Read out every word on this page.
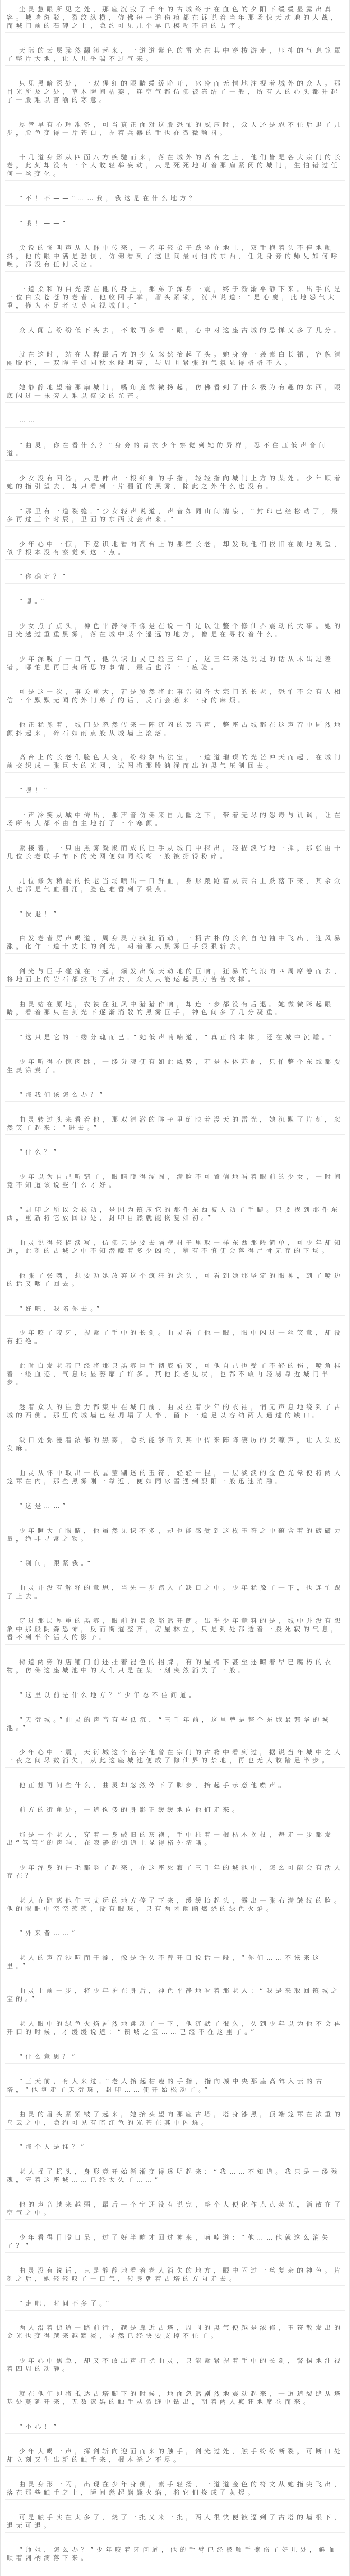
尘灵慧眼所见之处，那座沉寂了千年的古城终于在血色的夕阳下缓缓显露出真容。城墙斑驳，裂纹纵横，仿佛每一道伤痕都在诉说着当年那场惊天动地的大战，而城门前的石碑之上，隐约可见几个早已模糊不清的古字。

天际的云层骤然翻滚起来，一道道紫色的雷光在其中穿梭游走，压抑的气息笼罩了整片大地，让人几乎喘不过气来。

只见黑暗深处，一双猩红的眼睛缓缓睁开，冰冷而无情地注视着城外的众人。那目光所及之处，草木瞬间枯萎，连空气都仿佛被冻结了一般，所有人的心头都升起了一股难以言喻的寒意。

尽管早有心理准备，可当真正面对这股恐怖的威压时，众人还是忍不住后退了几步，脸色变得一片苍白，握着兵器的手也在微微颤抖。

十几道身影从四面八方疾驰而来，落在城外的高台之上，他们皆是各大宗门的长老，此刻却没有一个人敢轻举妄动，只是死死地盯着那扇紧闭的城门，生怕错过任何一丝变化。

“不！不——”……我，我这是在什么地方？

“哦！——”

尖锐的惨叫声从人群中传来，一名年轻弟子跌坐在地上，双手抱着头不停地颤抖，他的眼中满是恐惧，仿佛看到了这世间最可怕的东西，任凭身旁的师兄如何呼唤，都没有任何反应。

一道柔和的白光落在他的身上，那弟子浑身一震，终于渐渐平静下来。出手的是一位白发苍苍的老者，他收回手掌，眉头紧锁，沉声说道：“是心魔，此地怨气太重，修为不足者切莫直视城门。”

众人闻言纷纷低下头去，不敢再多看一眼，心中对这座古城的忌惮又多了几分。

就在这时，站在人群最后方的少女忽然抬起了头。她身穿一袭素白长裙，容貌清丽脱俗，一双眸子如同秋水般明亮，与周围紧张的气氛显得格格不入。

她静静地望着那扇城门，嘴角竟微微扬起，仿佛看到了什么极为有趣的东西，眼底闪过一抹旁人难以察觉的光芒。

……

“曲灵，你在看什么？”身旁的青衣少年察觉到她的异样，忍不住压低声音问道。

少女没有回答，只是伸出一根纤细的手指，轻轻指向城门上方的某处。少年顺着她的指引望去，却只看到一片翻涌的黑雾，除此之外什么也没有。

“那里有一道裂缝。”少女轻声说道，声音如同山间清泉，“封印已经松动了，最多再过三个时辰，里面的东西就会出来。”

少年心中一惊，下意识地看向高台上的那些长老，却发现他们依旧在原地观望，似乎根本没有察觉到这一点。

“你确定？”

“嗯。”

少女点了点头，神色平静得不像是在说一件足以让整个修仙界震动的大事。她的目光越过重重黑雾，落在城中某个遥远的地方，像是在寻找着什么。

少年深吸了一口气，他认识曲灵已经三年了，这三年来她说过的话从未出过差错，哪怕是再匪夷所思的事情，最后也都一一应验。

可是这一次，事关重大，若是贸然将此事告知各大宗门的长老，恐怕不会有人相信一个默默无闻的外门弟子的话，反而会惹来一身的麻烦。

他正犹豫着，城门处忽然传来一阵沉闷的轰鸣声，整座古城都在这声音中剧烈地颤抖起来，碎石如雨点般从城墙上滚落。

高台上的长老们脸色大变，纷纷祭出法宝，一道道璀璨的光芒冲天而起，在城门前交织成一张巨大的光网，试图将那股汹涌而出的黑气压制回去。

“嘿！”

一声冷笑从城中传出，那声音仿佛来自九幽之下，带着无尽的怨毒与讥讽，让在场所有人都不由自主地打了一个寒颤。

紧接着，一只由黑雾凝聚而成的巨手从城门中探出，轻描淡写地一挥，那张由十几位长老联手布下的光网便如同纸糊一般被撕得粉碎。

几位修为稍弱的长老当场喷出一口鲜血，身形踉跄着从高台上跌落下来，其余众人也都是气血翻涌，脸色难看到了极点。

“快退！”

白发老者厉声喝道，周身灵力疯狂涌动，一柄古朴的长剑自他袖中飞出，迎风暴涨，化作一道十丈长的剑光，朝着那只黑雾巨手狠狠斩去。

剑光与巨手碰撞在一起，爆发出惊天动地的巨响，狂暴的气浪向四周席卷而去，将地面上的岩石都掀飞了出去，众人只能运起灵力苦苦支撑。

曲灵站在原地，衣袂在狂风中猎猎作响，却连一步都没有后退。她微微眯起眼睛，看着那只在剑光下逐渐消散的黑雾巨手，神色间多了几分凝重。

“这只是它的一缕分魂而已。”她低声喃喃道，“真正的本体，还在城中沉睡。”

少年听得心惊肉跳，一缕分魂便有如此威势，若是本体苏醒，只怕整个东域都要生灵涂炭了。

“那我们该怎么办？”

曲灵转过头来看着他，那双清澈的眸子里倒映着漫天的雷光，她沉默了片刻，忽然笑了起来：“进去。”

“什么？”

少年以为自己听错了，眼睛瞪得溜圆，满脸不可置信地看着眼前的少女，一时间竟不知道该说些什么才好。

“封印之所以会松动，是因为镇压它的那件东西被人动了手脚。只要找到那件东西，重新将它放回原处，封印自然就能恢复如初。”

曲灵说得轻描淡写，仿佛只是要去隔壁村子里取一样东西那般简单，可少年却知道，此刻的古城之中不知潜藏着多少凶险，稍有不慎便会落得尸骨无存的下场。

他张了张嘴，想要劝她放弃这个疯狂的念头，可看到她那坚定的眼神，到了嘴边的话又咽了回去。

“好吧，我陪你去。”

少年咬了咬牙，握紧了手中的长剑。曲灵看了他一眼，眼中闪过一丝笑意，却没有拒绝。

此时白发老者已经将那只黑雾巨手彻底斩灭，可他自己也受了不轻的伤，嘴角挂着一缕血迹，气息明显萎靡了许多。其他长老见状，也都不敢再轻易靠近城门半步。

趁着众人的注意力都集中在城门前，曲灵拉着少年的衣袖，悄无声息地绕到了古城的西侧。那里的城墙已经坍塌了大半，留下一道足以容纳两人通过的缺口。

缺口处弥漫着浓郁的黑雾，隐约能够听到其中传来阵阵凄厉的哭嚎声，让人头皮发麻。

曲灵从怀中取出一枚晶莹剔透的玉符，轻轻一捏，一层淡淡的金色光晕便将两人笼罩在内，那些黑雾刚一靠近，便如同冰雪遇到烈阳一般迅速消融。

“这是……”

少年瞪大了眼睛，他虽然见识不多，却也能感受到这枚玉符之中蕴含着的磅礴力量，绝非寻常之物。

“别问，跟紧我。”

曲灵并没有解释的意思，当先一步踏入了缺口之中。少年犹豫了一下，也连忙跟了上去。

穿过那层厚重的黑雾，眼前的景象豁然开朗。出乎少年意料的是，城中并没有想象中那般阴森恐怖，反而街道整齐，房屋林立，只是到处都透着一股死寂的气息，看不到半个活人的影子。

街道两旁的店铺门前还挂着褪色的招牌，有的屋檐下甚至还晾着早已腐朽的衣物，仿佛这座城池中的人们只是在某一刻突然消失了一般。

“这里以前是什么地方？”少年忍不住问道。

“天衍城。”曲灵的声音有些低沉，“三千年前，这里曾是整个东域最繁华的城池。”

少年心中一震，天衍城这个名字他曾在宗门的古籍中看到过，据说当年城中之人一夜之间尽数消失，从此这座城池便成了修仙界的禁地，再也无人敢踏足半步。

他正想再问些什么，曲灵却忽然停下了脚步，抬起手示意他噤声。

前方的街角处，一道佝偻的身影正缓缓地向他们走来。

那是一个老人，穿着一身破旧的灰袍，手中拄着一根枯木拐杖，每走一步都发出“笃笃”的声响，在寂静的街道上显得格外清晰。

少年浑身的汗毛都竖了起来，在这座死寂了三千年的城池中，怎么可能会有活人存在？

老人在距离他们三丈远的地方停了下来，缓缓抬起头，露出一张布满皱纹的脸。他的眼眶中空空荡荡，没有眼珠，只有两团幽幽燃烧的绿色火焰。

“外来者……”

老人的声音沙哑而干涩，像是许久不曾开口说话一般，“你们……不该来这里。”

曲灵上前一步，将少年护在身后，神色平静地看着那老人：“我是来取回镇城之宝的。”

老人眼中的绿色火焰剧烈地跳动了一下，他沉默了很久，久到少年以为他不会再开口的时候，才缓缓说道：“镇城之宝……已经不在这里了。”

“什么意思？”

“三天前，有人来过。”老人抬起枯瘦的手指，指向城中央那座高耸入云的古塔，“他拿走了天衍珠，封印……便开始松动了。”

曲灵的眉头紧紧皱了起来，她抬头望向那座古塔，塔身漆黑，顶端笼罩在浓重的乌云之中，隐约可见有暗红色的光芒在其中闪烁。

“那个人是谁？”

老人摇了摇头，身形竟开始渐渐变得透明起来：“我……不知道。我只是一缕残魂，守着这座城……已经太久了……”

他的声音越来越弱，最后一个字还没有说完，整个人便化作点点荧光，消散在了空气之中。

少年看得目瞪口呆，过了好半晌才回过神来，喃喃道：“他……他就这么消失了？”

曲灵没有说话，只是静静地看着老人消失的地方，眼中闪过一丝复杂的神色。片刻之后，她轻轻叹了一口气，转身朝着古塔的方向走去。

“走吧，时间不多了。”

两人沿着街道一路前行，越是靠近古塔，周围的黑气便越是浓郁，玉符散发出的金光也变得越来越黯淡，显然已经快要支撑不住了。

少年心中焦急，却又不敢出声打扰曲灵，只能紧紧握着手中的长剑，警惕地注视着四周的动静。

就在他们即将抵达古塔脚下的时候，地面忽然剧烈地震动起来，一道道裂缝从塔基处蔓延开来，无数漆黑的触手从裂缝中钻出，朝着两人疯狂地席卷而来。

“小心！”

少年大喝一声，挥剑斩向迎面而来的触手，剑光过处，触手纷纷断裂，可断口处却立刻又生出新的触手来，根本杀之不尽。

曲灵身形一闪，出现在少年身侧，素手轻扬，一道道金色的符文从她指尖飞出，落在那些触手之上，瞬间燃起熊熊火焰，将它们烧成了灰烬。

可是触手实在太多了，烧了一批又来一批，两人很快便被逼到了古塔的墙根下，退无可退。

“师姐，怎么办？”少年咬着牙问道，他的手臂已经被触手擦伤了好几处，鲜血顺着剑柄滴落下来。
